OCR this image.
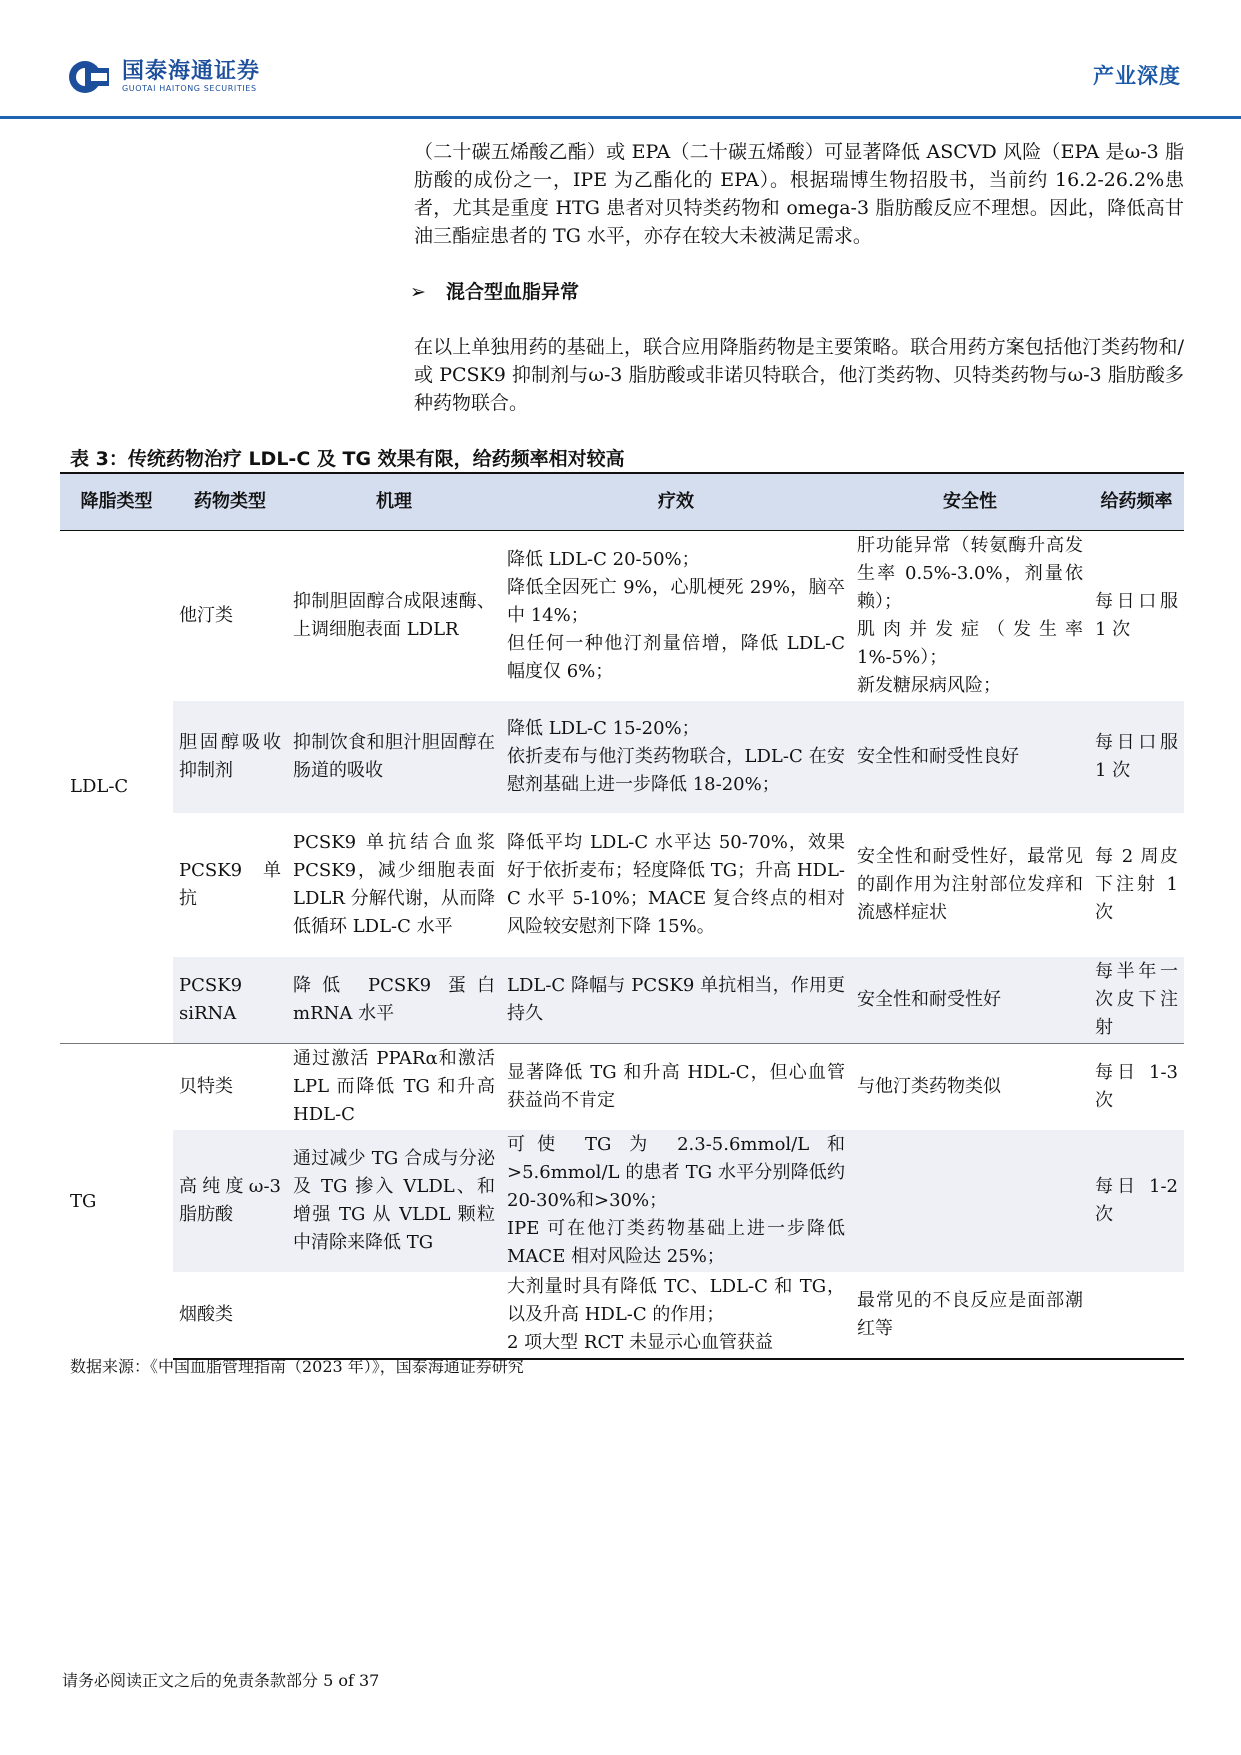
国泰海通证券
GUOTAI HAITONG SECURITIES
产业深度

（二十碳五烯酸乙酯）或 EPA（二十碳五烯酸）可显著降低 ASCVD 风险（EPA 是ω-3 脂肪酸的成份之一，IPE 为乙酯化的 EPA）。根据瑞博生物招股书，当前约 16.2-26.2%患者，尤其是重度 HTG 患者对贝特类药物和 omega-3 脂肪酸反应不理想。因此，降低高甘油三酯症患者的 TG 水平，亦存在较大未被满足需求。

➢ 混合型血脂异常

在以上单独用药的基础上，联合应用降脂药物是主要策略。联合用药方案包括他汀类药物和/或 PCSK9 抑制剂与ω-3 脂肪酸或非诺贝特联合，他汀类药物、贝特类药物与ω-3 脂肪酸多种药物联合。

表 3：传统药物治疗 LDL-C 及 TG 效果有限，给药频率相对较高
降脂类型	药物类型	机理	疗效	安全性	给药频率
LDL-C	他汀类	抑制胆固醇合成限速酶、上调细胞表面 LDLR	降低 LDL-C 20-50%；
降低全因死亡 9%，心肌梗死 29%，脑卒中 14%；
但任何一种他汀剂量倍增，降低 LDL-C 幅度仅 6%；	肝功能异常（转氨酶升高发生率 0.5%-3.0%，剂量依赖）；
肌肉并发症（发生率 1%-5%）；
新发糖尿病风险；	每日口服 1 次
	胆固醇吸收抑制剂	抑制饮食和胆汁胆固醇在肠道的吸收	降低 LDL-C 15-20%；
依折麦布与他汀类药物联合，LDL-C 在安慰剂基础上进一步降低 18-20%；	安全性和耐受性良好	每日口服 1 次
	PCSK9 单抗	PCSK9 单抗结合血浆 PCSK9，减少细胞表面 LDLR 分解代谢，从而降低循环 LDL-C 水平	降低平均 LDL-C 水平达 50-70%，效果好于依折麦布；轻度降低 TG；升高 HDL-C 水平 5-10%；MACE 复合终点的相对风险较安慰剂下降 15%。	安全性和耐受性好，最常见的副作用为注射部位发痒和流感样症状	每 2 周皮下注射 1 次
	PCSK9 siRNA	降低 PCSK9 蛋白 mRNA 水平	LDL-C 降幅与 PCSK9 单抗相当，作用更持久	安全性和耐受性好	每半年一次皮下注射
TG	贝特类	通过激活 PPARα和激活 LPL 而降低 TG 和升高 HDL-C	显著降低 TG 和升高 HDL-C，但心血管获益尚不肯定	与他汀类药物类似	每日 1-3 次
	高纯度ω-3 脂肪酸	通过减少 TG 合成与分泌及 TG 掺入 VLDL、和增强 TG 从 VLDL 颗粒中清除来降低 TG	可使 TG 为 2.3-5.6mmol/L 和>5.6mmol/L 的患者 TG 水平分别降低约 20-30%和>30%；
IPE 可在他汀类药物基础上进一步降低 MACE 相对风险达 25%；		每日 1-2 次
	烟酸类		大剂量时具有降低 TC、LDL-C 和 TG，以及升高 HDL-C 的作用；
2 项大型 RCT 未显示心血管获益	最常见的不良反应是面部潮红等	
数据来源：《中国血脂管理指南（2023 年）》，国泰海通证券研究
请务必阅读正文之后的免责条款部分 5 of 37
